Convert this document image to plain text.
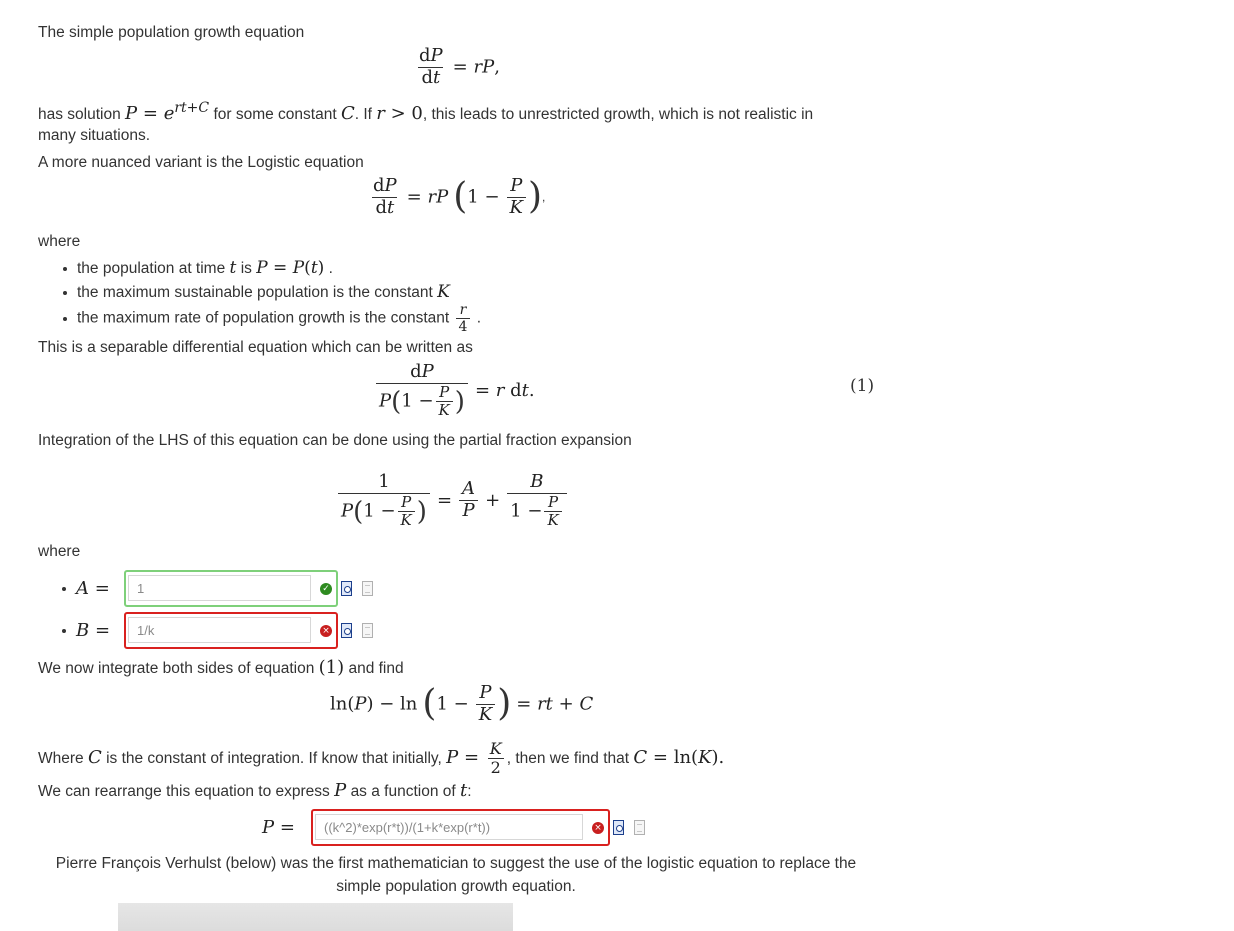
The simple population growth equation
$\frac{dP}{dt}$ = rP,
has solution $P = e^{rt+C}$ for some constant C. If r > 0, this leads to unrestricted growth, which is not realistic in
many situations.
A more nuanced variant is the Logistic equation
$\frac{dP}{dt}$ = rP ($1 - \frac{P}{K}$ ),
where
the population at time t is P = P(t) .
the maximum sustainable population is the constant K
the maximum rate of population growth is the constant $\frac{r}{4}$ .
This is a separable differential equation which can be written as
$\frac{dP}{P(1 - \frac{P}{K} )} = r$ dt.	(1)
Integration of the LHS of this equation can be done using the partial fraction expansion
$\frac{1}{P(1 - \frac{P}{K} )} = \frac{A}{P} + \frac{B}{1 - \frac{P}{K}}$
where
A =	1	✓
B =	1/k	×
We now integrate both sides of equation (1) and find
$\ln(P) - \ln (1 - \frac{P}{K}$ ) = rt + C
Where C is the constant of integration. If know that initially, $P = \frac{K}{2}$ , then we find that C = ln(K).
We can rearrange this equation to express P as a function of t:
P =	((k^2)*exp(r*t))/(1+k*exp(r*t))	×
Pierre François Verhulst (below) was the first mathematician to suggest the use of the logistic equation to replace the
simple population growth equation.
